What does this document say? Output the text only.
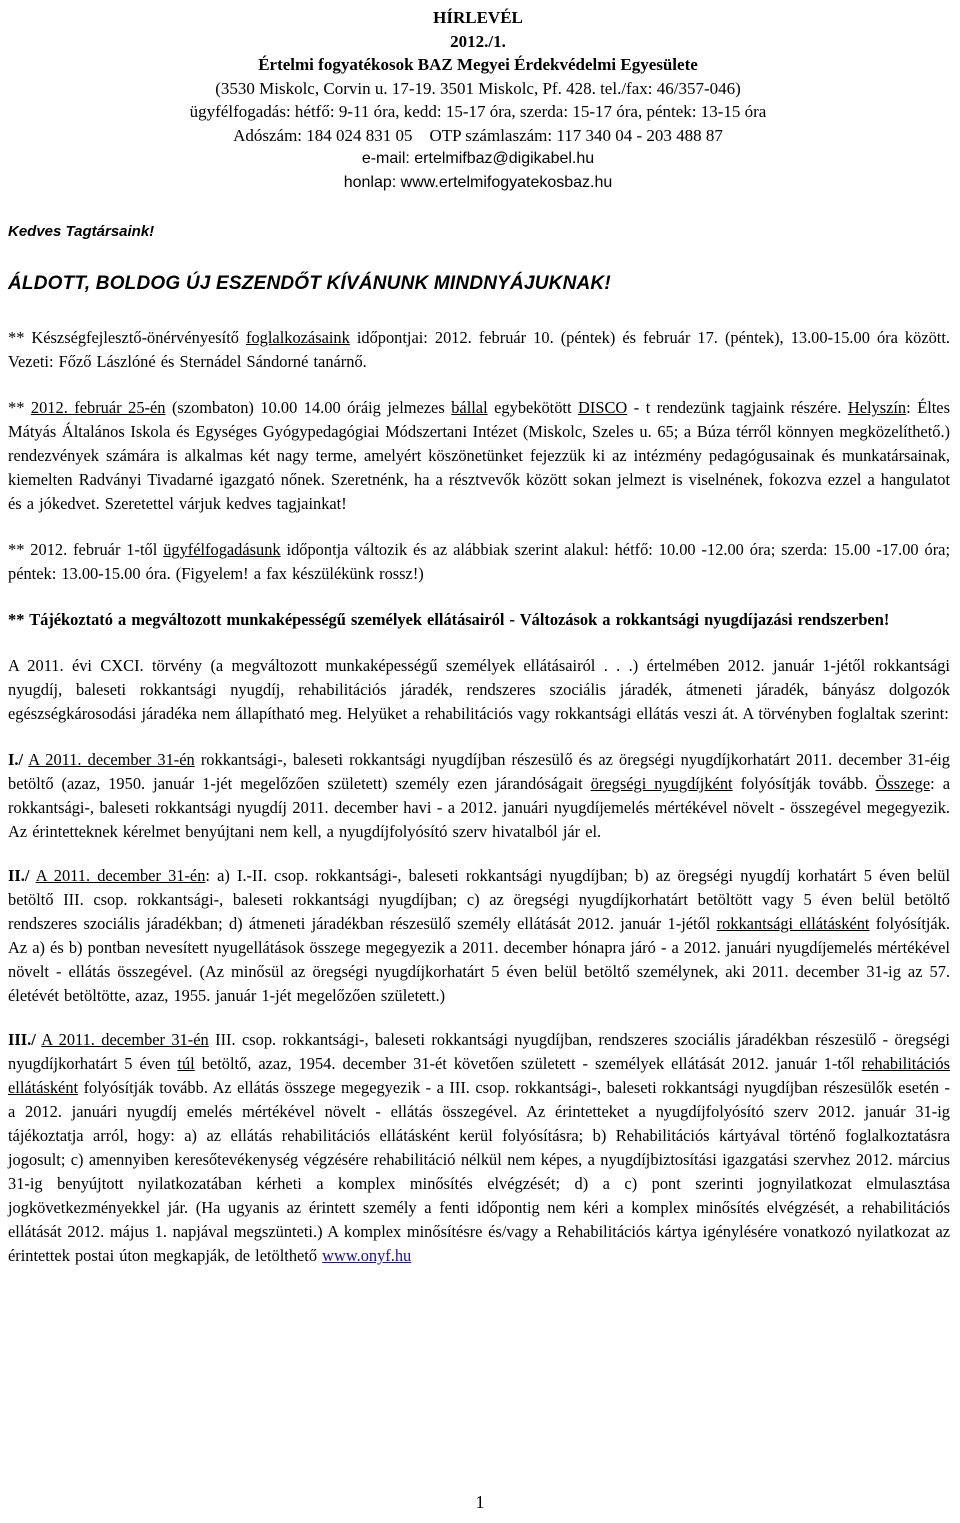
HÍRLEVÉL
2012./1.
Értelmi fogyatékosok BAZ Megyei Érdekvédelmi Egyesülete
(3530 Miskolc, Corvin u. 17-19. 3501 Miskolc, Pf. 428. tel./fax: 46/357-046)
ügyfélfogadás: hétfő: 9-11 óra, kedd: 15-17 óra, szerda: 15-17 óra, péntek: 13-15 óra
Adószám: 184 024 831 05    OTP számlaszám: 117 340 04 - 203 488 87
e-mail: ertelmifbaz@digikabel.hu
honlap: www.ertelmifogyatekosbaz.hu
Kedves Tagtársaink!
ÁLDOTT, BOLDOG ÚJ ESZENDŐT KÍVÁNUNK MINDNYÁJUKNAK!

** Készségfejlesztő-önérvényesítő foglalkozásaink időpontjai: 2012. február 10. (péntek) és február 17. (péntek), 13.00-15.00 óra között. Vezeti: Főző Lászlóné és Sternádel Sándorné tanárnő.

** 2012. február 25-én (szombaton) 10.00 14.00 óráig jelmezes bállal egybekötött DISCO - t rendezünk tagjaink részére. Helyszín: Éltes Mátyás Általános Iskola és Egységes Gyógypedagógiai Módszertani Intézet (Miskolc, Szeles u. 65; a Búza térről könnyen megközelíthető.) rendezvények számára is alkalmas két nagy terme, amelyért köszönetünket fejezzük ki az intézmény pedagógusainak és munkatársainak, kiemelten Radványi Tivadarné igazgató nőnek. Szeretnénk, ha a résztvevők között sokan jelmezt is viselnének, fokozva ezzel a hangulatot és a jókedvet. Szeretettel várjuk kedves tagjainkat!

** 2012. február 1-től ügyfélfogadásunk időpontja változik és az alábbiak szerint alakul: hétfő: 10.00 -12.00 óra; szerda: 15.00 -17.00 óra; péntek: 13.00-15.00 óra. (Figyelem! a fax készülékünk rossz!)

** Tájékoztató a megváltozott munkaképességű személyek ellátásairól - Változások a rokkantsági nyugdíjazási rendszerben!

A 2011. évi CXCI. törvény (a megváltozott munkaképességű személyek ellátásairól . . .) értelmében 2012. január 1-jétől rokkantsági nyugdíj, baleseti rokkantsági nyugdíj, rehabilitációs járadék, rendszeres szociális járadék, átmeneti járadék, bányász dolgozók egészségkárosodási járadéka nem állapítható meg. Helyüket a rehabilitációs vagy rokkantsági ellátás veszi át. A törvényben foglaltak szerint:

I./ A 2011. december 31-én rokkantsági-, baleseti rokkantsági nyugdíjban részesülő és az öregségi nyugdíjkorhatárt 2011. december 31-éig betöltő (azaz, 1950. január 1-jét megelőzően született) személy ezen járandóságait öregségi nyugdíjként folyósítják tovább. Összege: a rokkantsági-, baleseti rokkantsági nyugdíj 2011. december havi - a 2012. januári nyugdíjemelés mértékével növelt - összegével megegyezik. Az érintetteknek kérelmet benyújtani nem kell, a nyugdíjfolyósító szerv hivatalból jár el.

II./ A 2011. december 31-én: a) I.-II. csop. rokkantsági-, baleseti rokkantsági nyugdíjban; b) az öregségi nyugdíj korhatárt 5 éven belül betöltő III. csop. rokkantsági-, baleseti rokkantsági nyugdíjban; c) az öregségi nyugdíjkorhatárt betöltött vagy 5 éven belül betöltő rendszeres szociális járadékban; d) átmeneti járadékban részesülő személy ellátását 2012. január 1-jétől rokkantsági ellátásként folyósítják. Az a) és b) pontban nevesített nyugellátások összege megegyezik a 2011. december hónapra járó - a 2012. januári nyugdíjemelés mértékével növelt - ellátás összegével. (Az minősül az öregségi nyugdíjkorhatárt 5 éven belül betöltő személynek, aki 2011. december 31-ig az 57. életévét betöltötte, azaz, 1955. január 1-jét megelőzően született.)

III./ A 2011. december 31-én III. csop. rokkantsági-, baleseti rokkantsági nyugdíjban, rendszeres szociális járadékban részesülő - öregségi nyugdíjkorhatárt 5 éven túl betöltő, azaz, 1954. december 31-ét követően született - személyek ellátását 2012. január 1-től rehabilitációs ellátásként folyósítják tovább. Az ellátás összege megegyezik - a III. csop. rokkantsági-, baleseti rokkantsági nyugdíjban részesülők esetén - a 2012. januári nyugdíj emelés mértékével növelt - ellátás összegével. Az érintetteket a nyugdíjfolyósító szerv 2012. január 31-ig tájékoztatja arról, hogy: a) az ellátás rehabilitációs ellátásként kerül folyósításra; b) Rehabilitációs kártyával történő foglalkoztatásra jogosult; c) amennyiben keresőtevékenység végzésére rehabilitáció nélkül nem képes, a nyugdíjbiztosítási igazgatási szervhez 2012. március 31-ig benyújtott nyilatkozatában kérheti a komplex minősítés elvégzését; d) a c) pont szerinti jognyilatkozat elmulasztása jogkövetkezményekkel jár. (Ha ugyanis az érintett személy a fenti időpontig nem kéri a komplex minősítés elvégzését, a rehabilitációs ellátását 2012. május 1. napjával megszünteti.) A komplex minősítésre és/vagy a Rehabilitációs kártya igénylésére vonatkozó nyilatkozat az érintettek postai úton megkapják, de letölthető www.onyf.hu

1
